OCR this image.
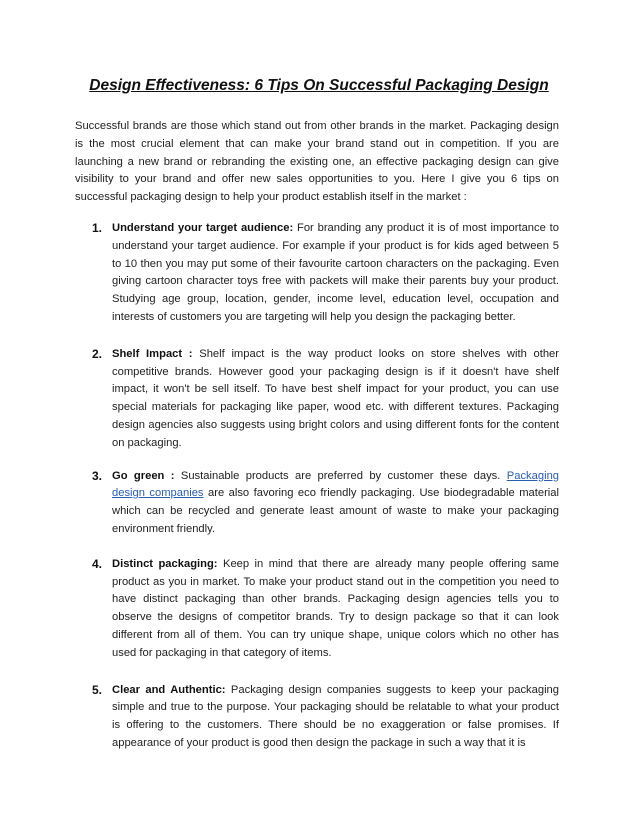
Design Effectiveness: 6 Tips On Successful Packaging Design

Successful brands are those which stand out from other brands in the market. Packaging design is the most crucial element that can make your brand stand out in competition. If you are launching a new brand or rebranding the existing one, an effective packaging design can give visibility to your brand and offer new sales opportunities to you. Here I give you 6 tips on successful packaging design to help your product establish itself in the market :

1. Understand your target audience: For branding any product it is of most importance to understand your target audience. For example if your product is for kids aged between 5 to 10 then you may put some of their favourite cartoon characters on the packaging. Even giving cartoon character toys free with packets will make their parents buy your product. Studying age group, location, gender, income level, education level, occupation and interests of customers you are targeting will help you design the packaging better.
2. Shelf Impact : Shelf impact is the way product looks on store shelves with other competitive brands. However good your packaging design is if it doesn't have shelf impact, it won't be sell itself. To have best shelf impact for your product, you can use special materials for packaging like paper, wood etc. with different textures. Packaging design agencies also suggests using bright colors and using different fonts for the content on packaging.
3. Go green : Sustainable products are preferred by customer these days. Packaging design companies are also favoring eco friendly packaging. Use biodegradable material which can be recycled and generate least amount of waste to make your packaging environment friendly.
4. Distinct packaging: Keep in mind that there are already many people offering same product as you in market. To make your product stand out in the competition you need to have distinct packaging than other brands. Packaging design agencies tells you to observe the designs of competitor brands. Try to design package so that it can look different from all of them. You can try unique shape, unique colors which no other has used for packaging in that category of items.
5. Clear and Authentic: Packaging design companies suggests to keep your packaging simple and true to the purpose. Your packaging should be relatable to what your product is offering to the customers. There should be no exaggeration or false promises. If appearance of your product is good then design the package in such a way that it is
